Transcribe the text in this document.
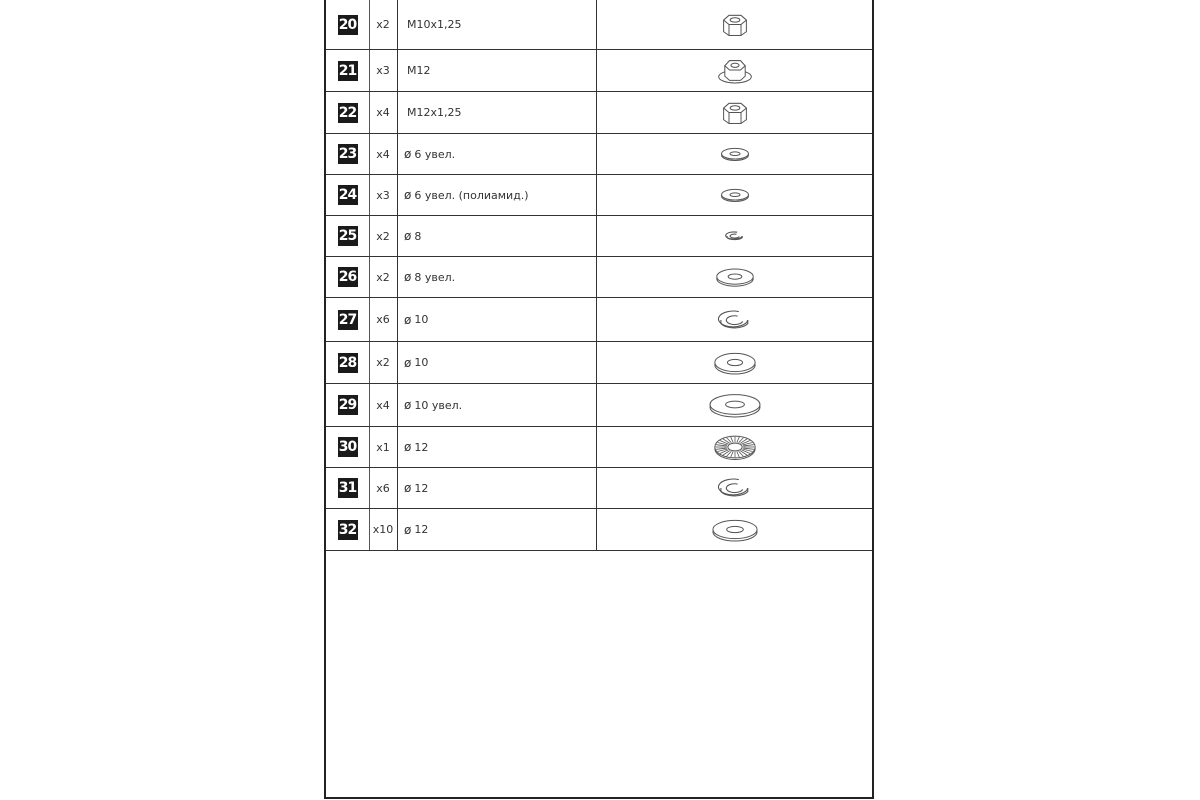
20	x2	M10x1,25
21	x3	M12
22	x4	M12x1,25
23	x4	ø 6 увел.
24	x3	ø 6 увел. (полиамид.)
25	x2	ø 8
26	x2	ø 8 увел.
27	x6	ø 10
28	x2	ø 10
29	x4	ø 10 увел.
30	x1	ø 12
31	x6	ø 12
32	x10 ø 12
